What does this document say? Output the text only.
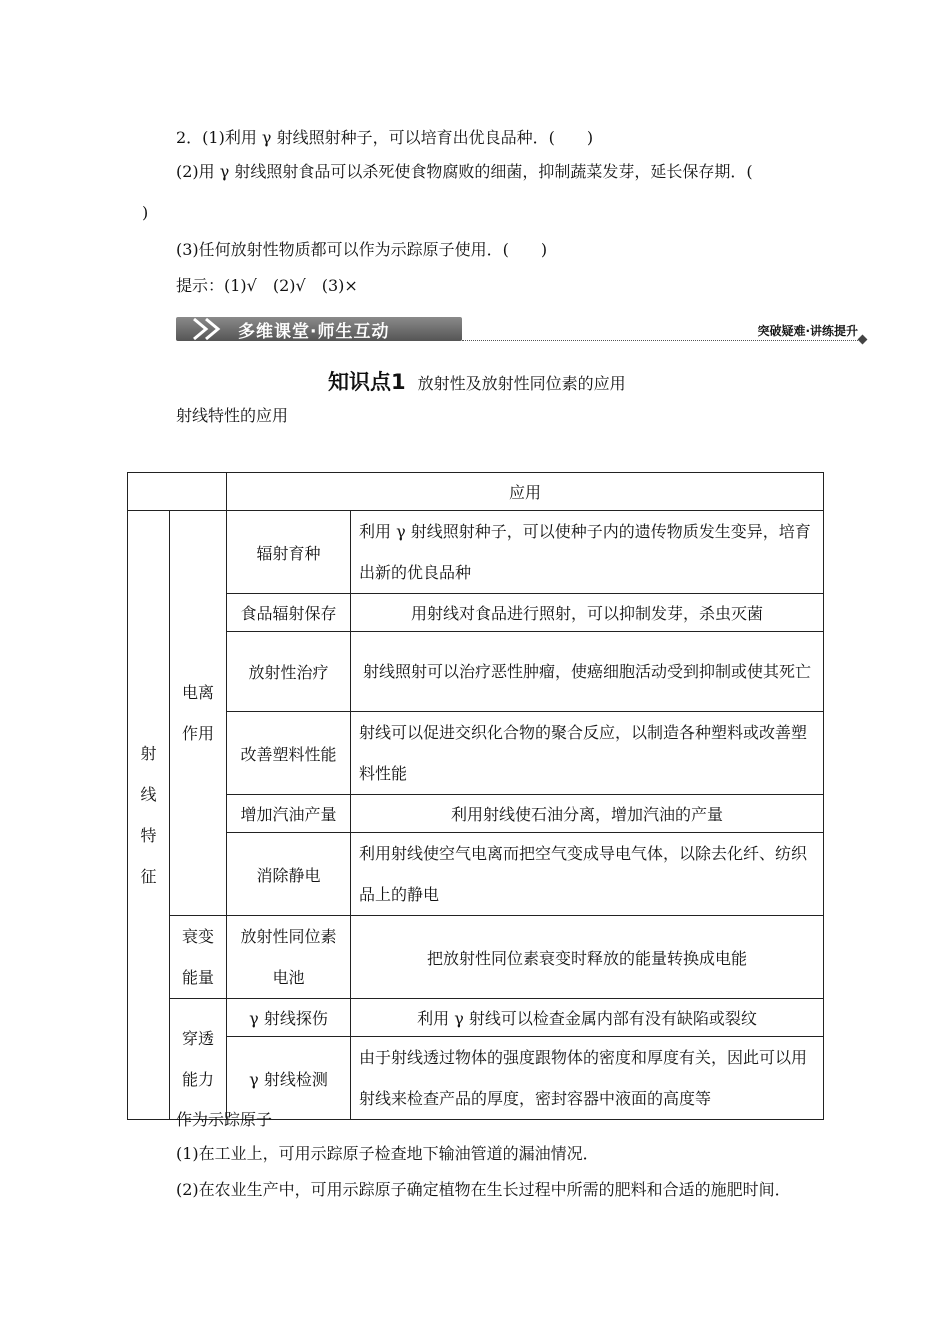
2．(1)利用 γ 射线照射种子，可以培育出优良品种．(　　)
(2)用 γ 射线照射食品可以杀死使食物腐败的细菌，抑制蔬菜发芽，延长保存期．(
)
(3)任何放射性物质都可以作为示踪原子使用．(　　)
提示：(1)√　(2)√　(3)×
多维课堂·师生互动	突破疑难·讲练提升
知识点1 放射性及放射性同位素的应用
射线特性的应用
		应用	

射线特征	电离作用	辐射育种	利用 γ 射线照射种子，可以使种子内的遗传物质发生变异，培育出新的优良品种
		食品辐射保存	用射线对食品进行照射，可以抑制发芽，杀虫灭菌
		放射性治疗	射线照射可以治疗恶性肿瘤，使癌细胞活动受到抑制或使其死亡
		改善塑料性能	射线可以促进交织化合物的聚合反应，以制造各种塑料或改善塑料性能
		增加汽油产量	利用射线使石油分离，增加汽油的产量
		消除静电	利用射线使空气电离而把空气变成导电气体，以除去化纤、纺织品上的静电

	衰变能量	放射性同位素电池	把放射性同位素衰变时释放的能量转换成电能

	穿透能力	γ 射线探伤	利用 γ 射线可以检查金属内部有没有缺陷或裂纹
		γ 射线检测	由于射线透过物体的强度跟物体的密度和厚度有关，因此可以用射线来检查产品的厚度，密封容器中液面的高度等
作为示踪原子
(1)在工业上，可用示踪原子检查地下输油管道的漏油情况．
(2)在农业生产中，可用示踪原子确定植物在生长过程中所需的肥料和合适的施肥时间．
